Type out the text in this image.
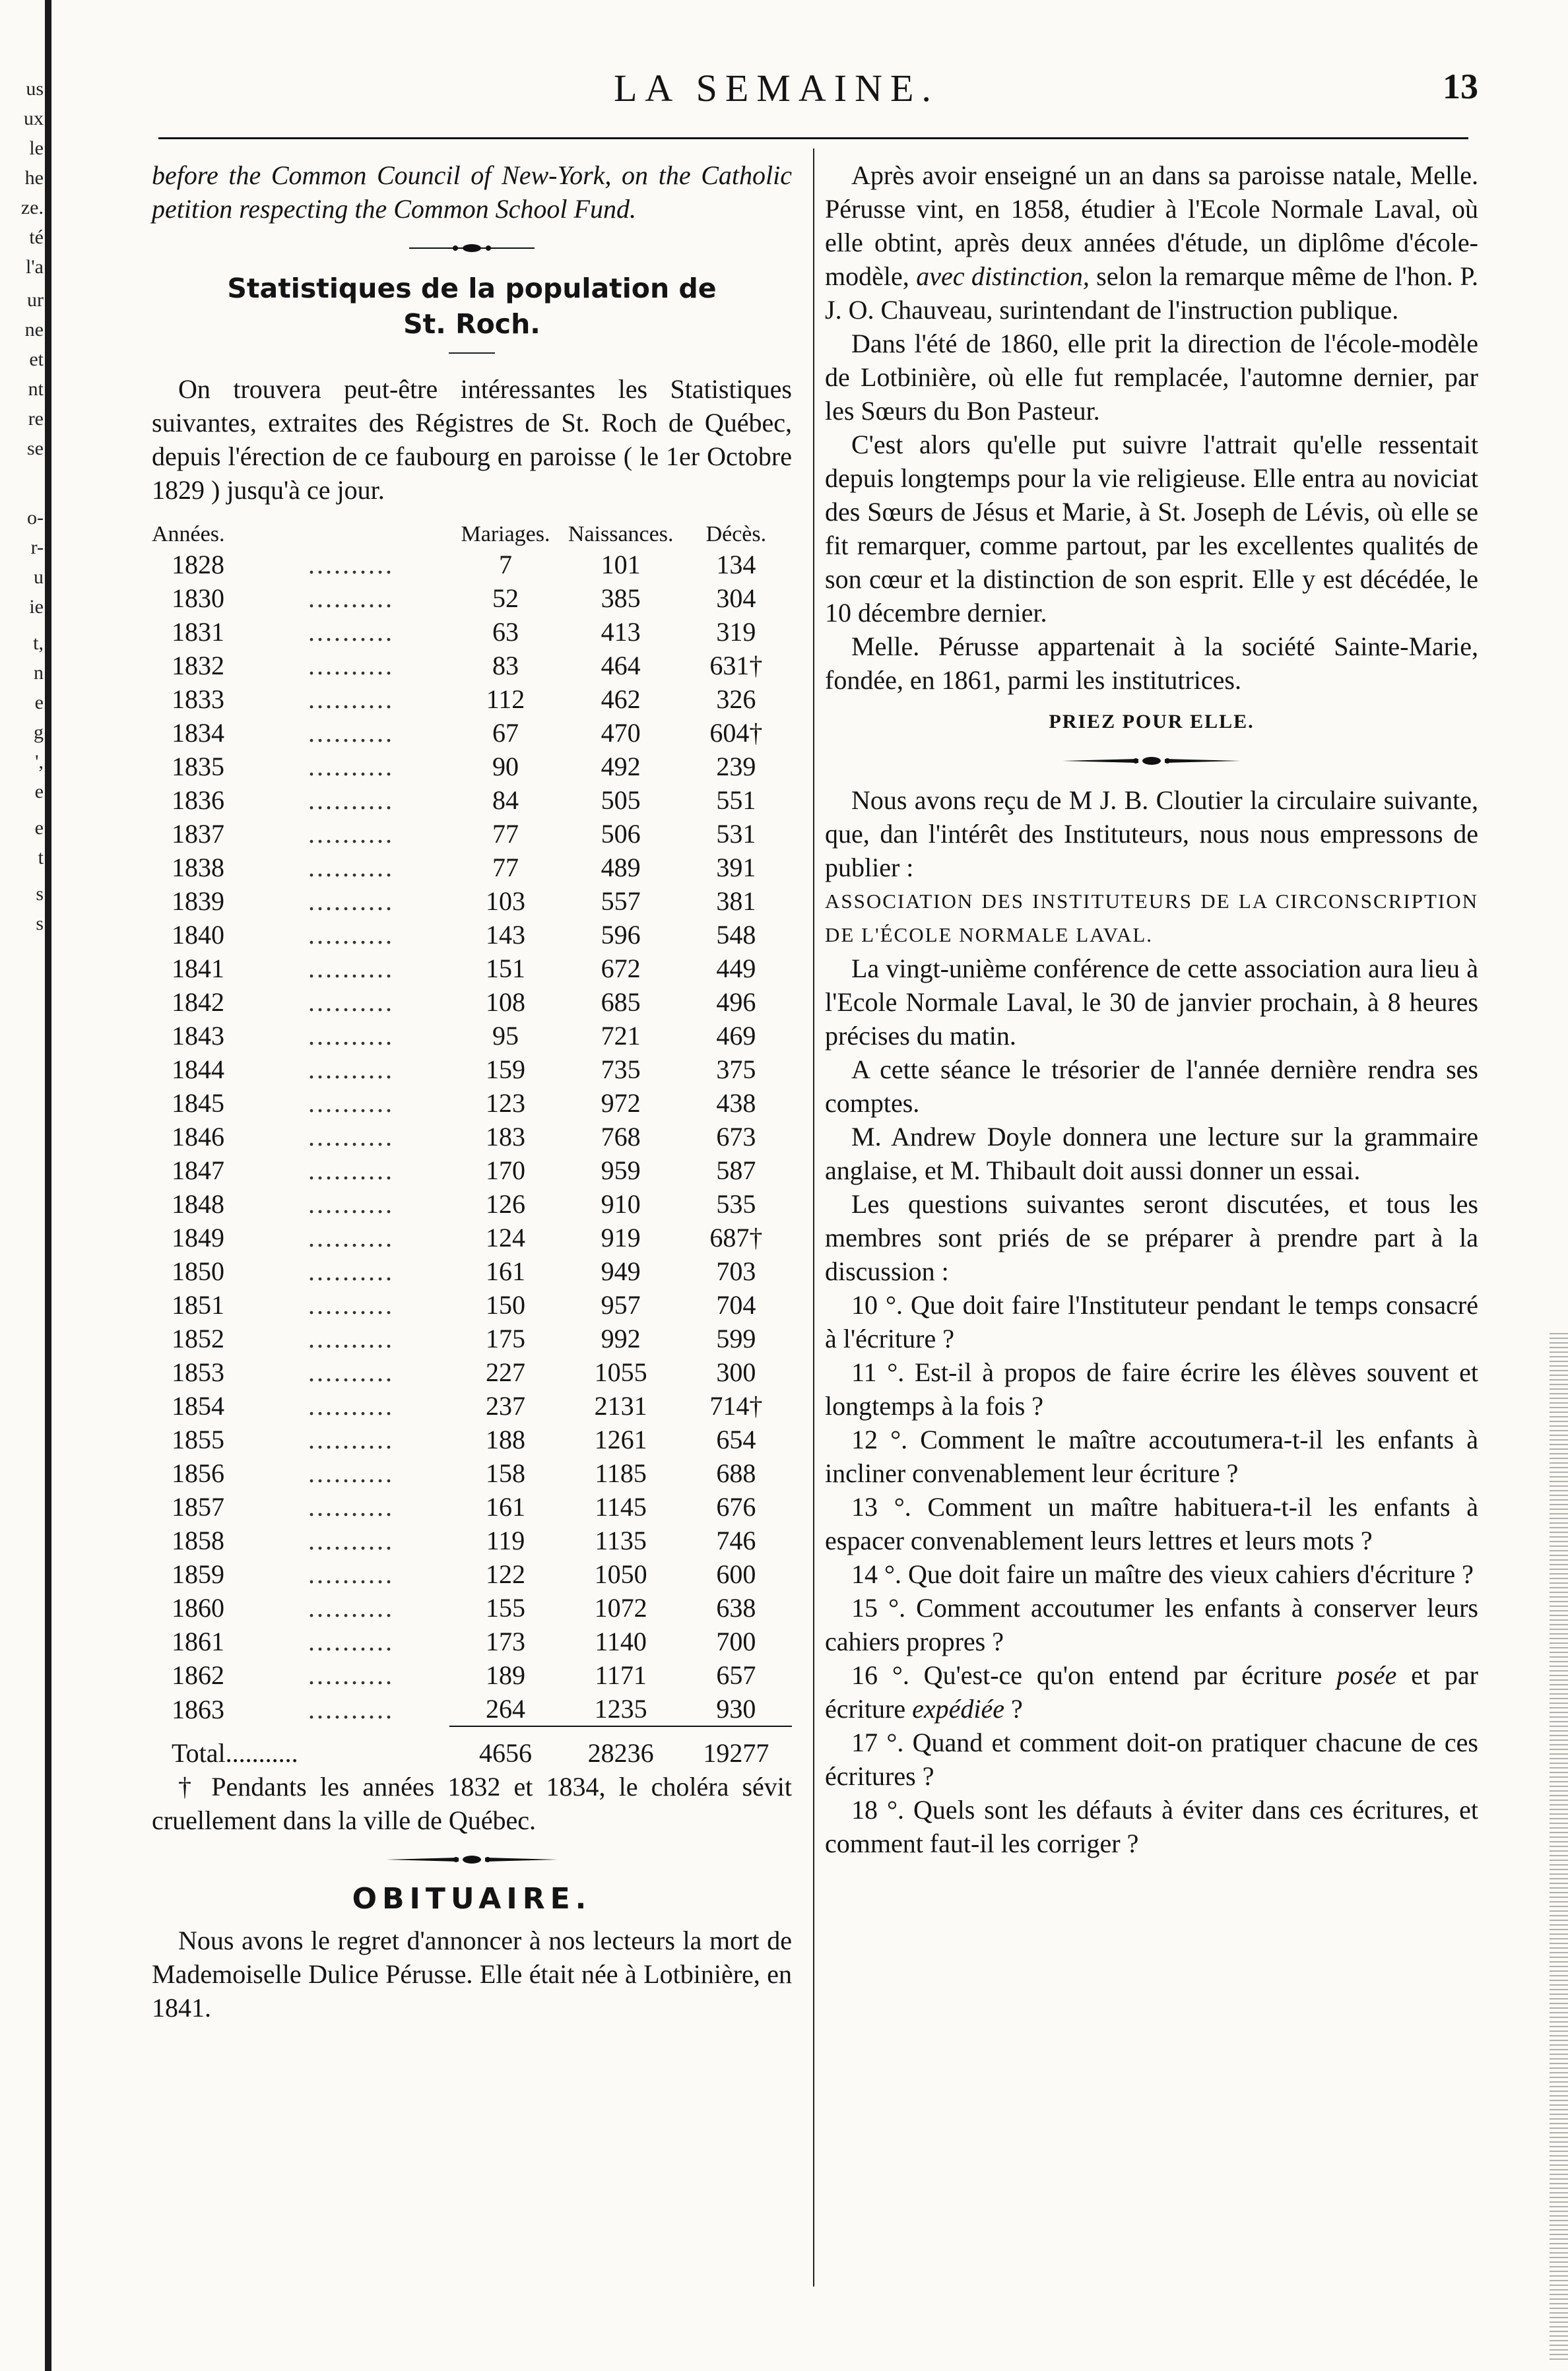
us
ux
le
he
ze.
té
l'a
ur
ne
et
nt
re
se
o-
r-
u
ie
t,
n
e
g
',
e
e
t
s
s
LA SEMAINE.	13

before the Common Council of New-York, on the Catholic petition respecting the Common School Fund.

Statistiques de la population de
St. Roch.

On trouvera peut-être intéressantes les Statistiques suivantes, extraites des Régistres de St. Roch de Québec, depuis l'érection de ce faubourg en paroisse ( le 1er Octobre 1829 ) jusqu'à ce jour.

Années.		Mariages.	Naissances.	Décès.
1828	..........	7	101	134
1830	..........	52	385	304
1831	..........	63	413	319
1832	..........	83	464	631†
1833	..........	112	462	326
1834	..........	67	470	604†
1835	..........	90	492	239
1836	..........	84	505	551
1837	..........	77	506	531
1838	..........	77	489	391
1839	..........	103	557	381
1840	..........	143	596	548
1841	..........	151	672	449
1842	..........	108	685	496
1843	..........	95	721	469
1844	..........	159	735	375
1845	..........	123	972	438
1846	..........	183	768	673
1847	..........	170	959	587
1848	..........	126	910	535
1849	..........	124	919	687†
1850	..........	161	949	703
1851	..........	150	957	704
1852	..........	175	992	599
1853	..........	227	1055	300
1854	..........	237	2131	714†
1855	..........	188	1261	654
1856	..........	158	1185	688
1857	..........	161	1145	676
1858	..........	119	1135	746
1859	..........	122	1050	600
1860	..........	155	1072	638
1861	..........	173	1140	700
1862	..........	189	1171	657
1863	..........	264	1235	930

Total...........		4656	28236	19277

† Pendants les années 1832 et 1834, le choléra sévit cruellement dans la ville de Québec.

OBITUAIRE.

Nous avons le regret d'annoncer à nos lecteurs la mort de Mademoiselle Dulice Pérusse. Elle était née à Lotbinière, en 1841.

Après avoir enseigné un an dans sa paroisse natale, Melle. Pérusse vint, en 1858, étudier à l'Ecole Normale Laval, où elle obtint, après deux années d'étude, un diplôme d'école-modèle, avec distinction, selon la remarque même de l'hon. P. J. O. Chauveau, surintendant de l'instruction publique.

Dans l'été de 1860, elle prit la direction de l'école-modèle de Lotbinière, où elle fut remplacée, l'automne dernier, par les Sœurs du Bon Pasteur.

C'est alors qu'elle put suivre l'attrait qu'elle ressentait depuis longtemps pour la vie religieuse. Elle entra au noviciat des Sœurs de Jésus et Marie, à St. Joseph de Lévis, où elle se fit remarquer, comme partout, par les excellentes qualités de son cœur et la distinction de son esprit. Elle y est décédée, le 10 décembre dernier.

Melle. Pérusse appartenait à la société Sainte-Marie, fondée, en 1861, parmi les institutrices.

PRIEZ POUR ELLE.

Nous avons reçu de M J. B. Cloutier la circulaire suivante, que, dan l'intérêt des Instituteurs, nous nous empressons de publier :

ASSOCIATION DES INSTITUTEURS DE LA CIRCONSCRIPTION DE L'ÉCOLE NORMALE LAVAL.

La vingt-unième conférence de cette association aura lieu à l'Ecole Normale Laval, le 30 de janvier prochain, à 8 heures précises du matin.

A cette séance le trésorier de l'année dernière rendra ses comptes.

M. Andrew Doyle donnera une lecture sur la grammaire anglaise, et M. Thibault doit aussi donner un essai.

Les questions suivantes seront discutées, et tous les membres sont priés de se préparer à prendre part à la discussion :

10 °. Que doit faire l'Instituteur pendant le temps consacré à l'écriture ?

11 °. Est-il à propos de faire écrire les élèves souvent et longtemps à la fois ?

12 °. Comment le maître accoutumera-t-il les enfants à incliner convenablement leur écriture ?

13 °. Comment un maître habituera-t-il les enfants à espacer convenablement leurs lettres et leurs mots ?

14 °. Que doit faire un maître des vieux cahiers d'écriture ?

15 °. Comment accoutumer les enfants à conserver leurs cahiers propres ?

16 °. Qu'est-ce qu'on entend par écriture posée et par écriture expédiée ?

17 °. Quand et comment doit-on pratiquer chacune de ces écritures ?

18 °. Quels sont les défauts à éviter dans ces écritures, et comment faut-il les corriger ?
